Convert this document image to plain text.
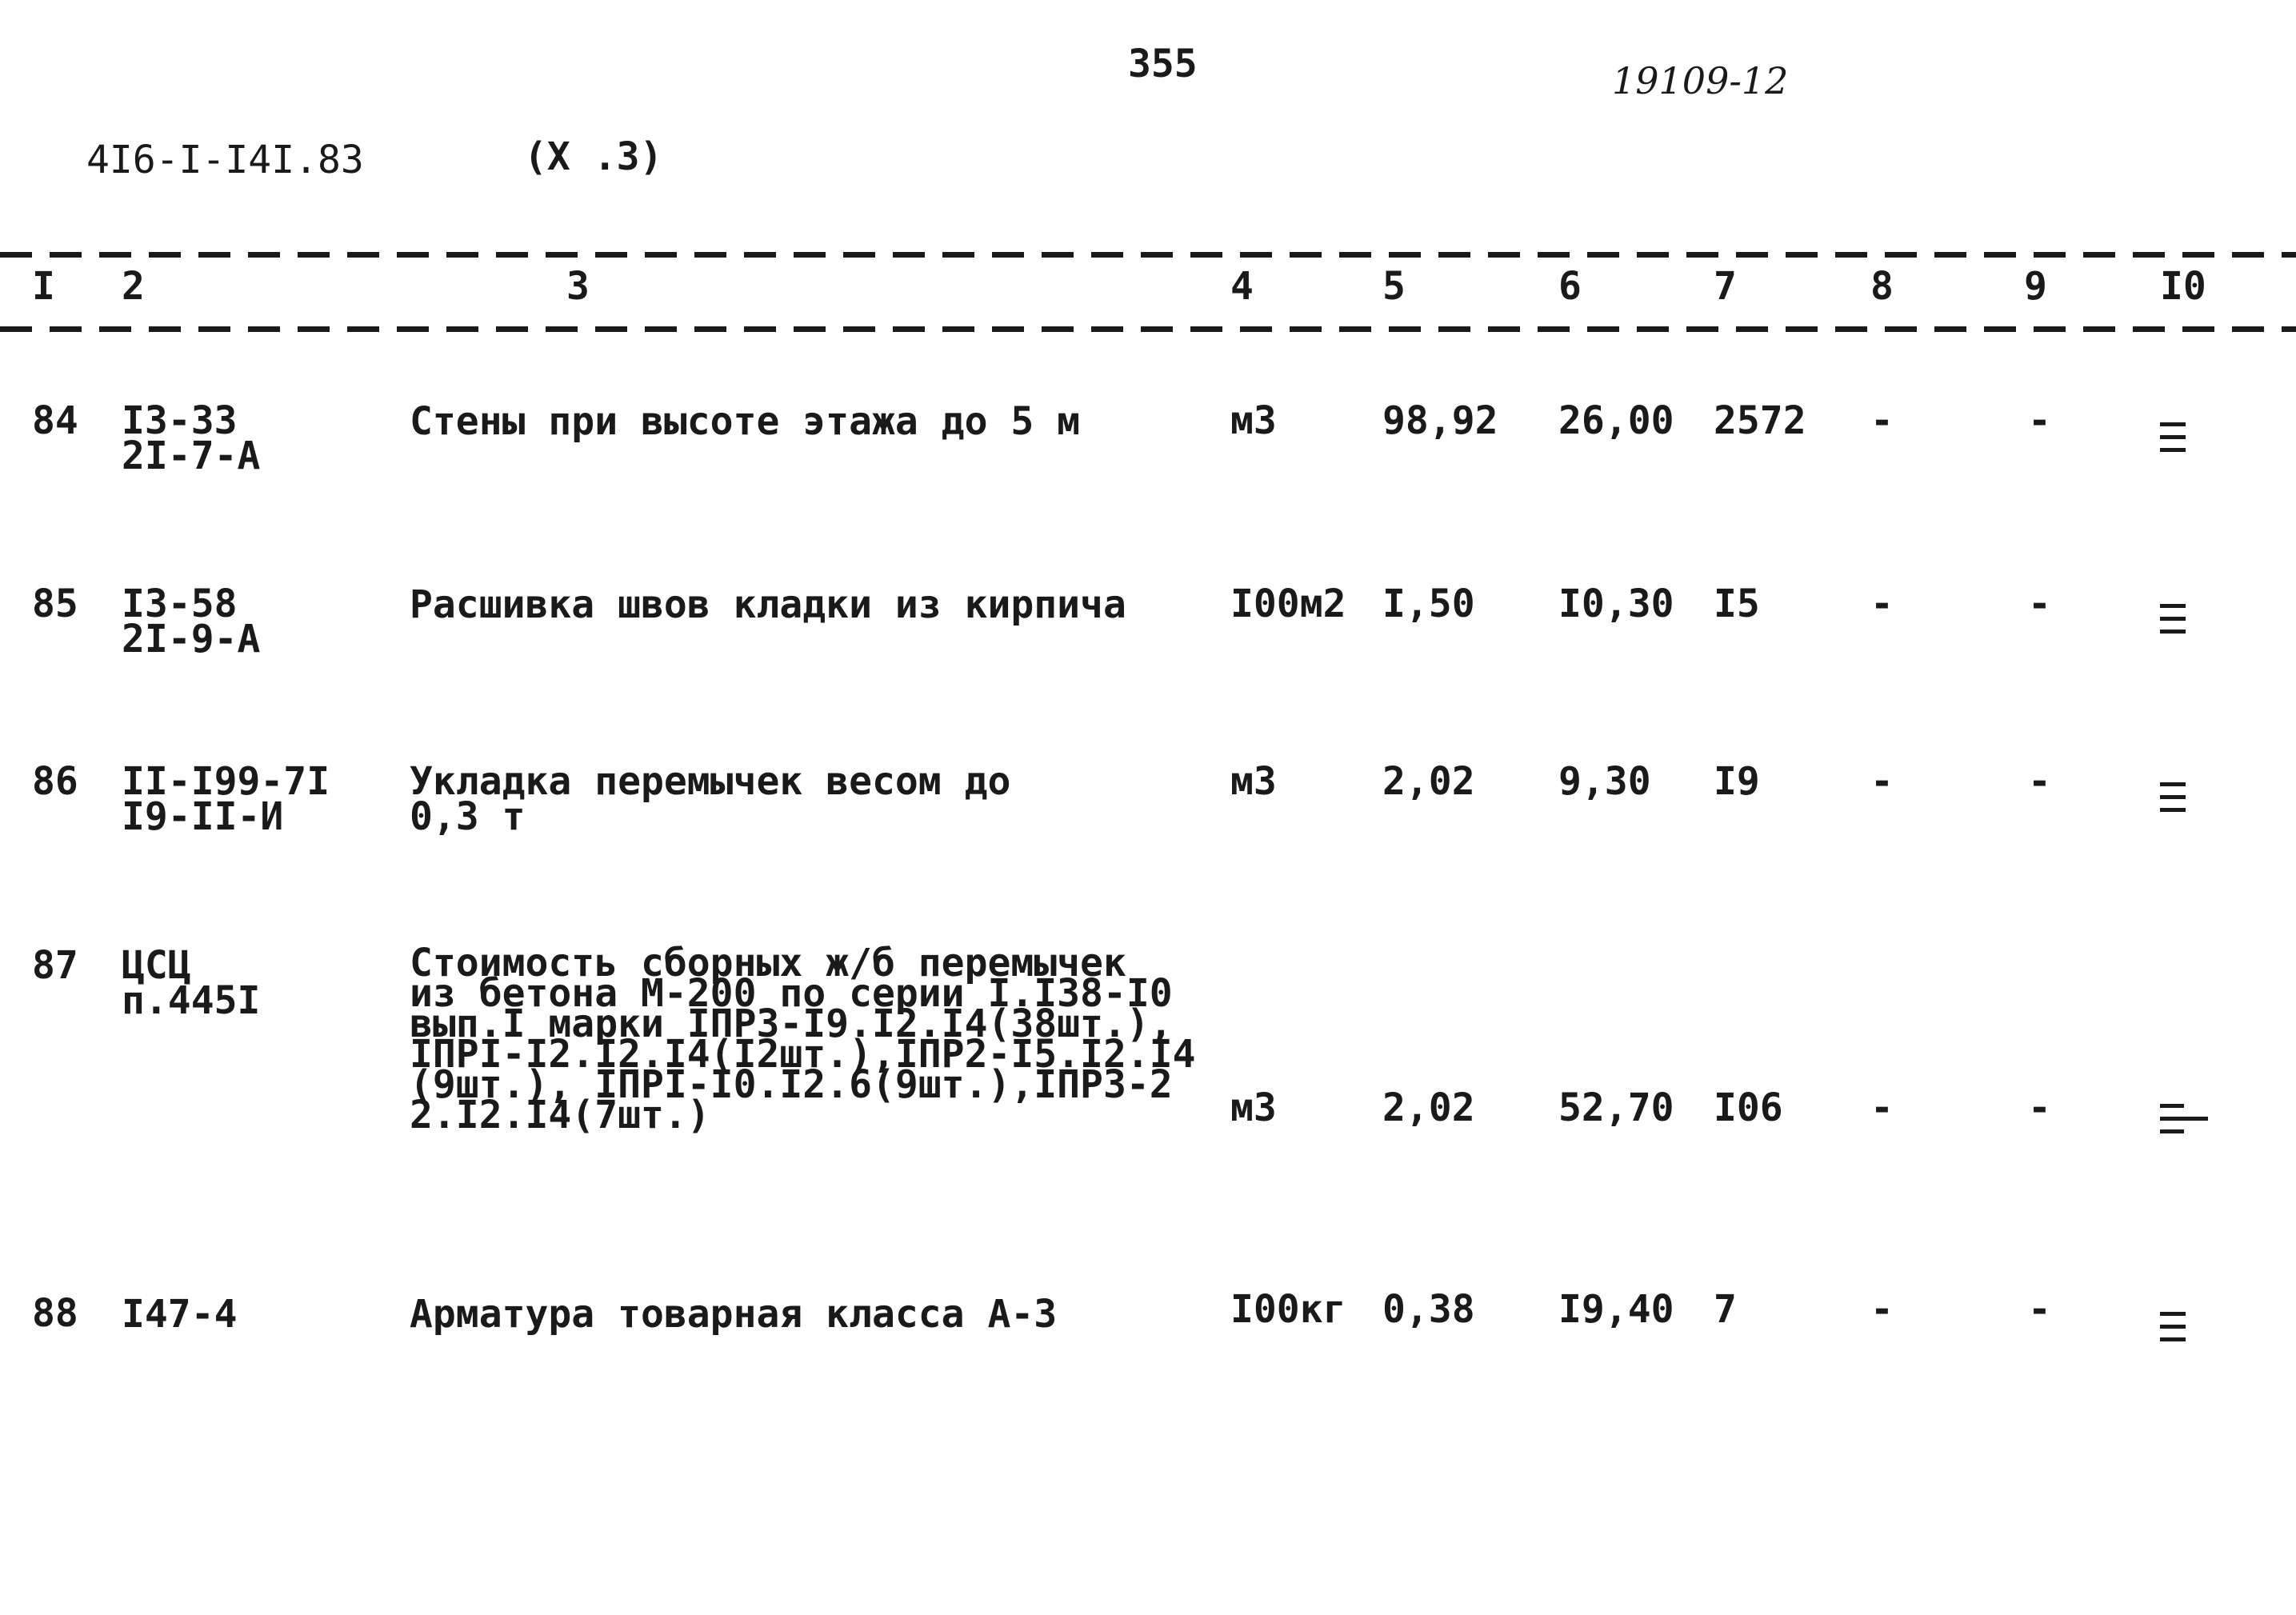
355	19109-12
4I6-I-I4I.83	(X .3)
I 2	3	4	5	6	7	8	9	I0
84 I3-33
2I-7-A
Стены при высоте этажа до 5 м	м3	98,92 26,00 2572 -	-
85 I3-58
2I-9-A
Расшивка швов кладки из кирпича	I00м2 I,50 I0,30 I5	-	-
86 II-I99-7I
I9-II-И
Укладка перемычек весом до
0,3 т
м3	2,02 9,30 I9	-	-
87 ЦСЦ
п.445I
Стоимость сборных ж/б перемычек
из бетона М-200 по серии I.I38-I0
вып.I марки IПР3-I9.I2.I4(38шт.),
IПРI-I2.I2.I4(I2шт.),IПР2-I5.I2.I4
(9шт.), IПРI-I0.I2.6(9шт.),IПР3-2
2.I2.I4(7шт.)	м3	2,02 52,70 I06 -	-
88 I47-4	Арматура товарная класса А-3	I00кг 0,38 I9,40 7	-	-
